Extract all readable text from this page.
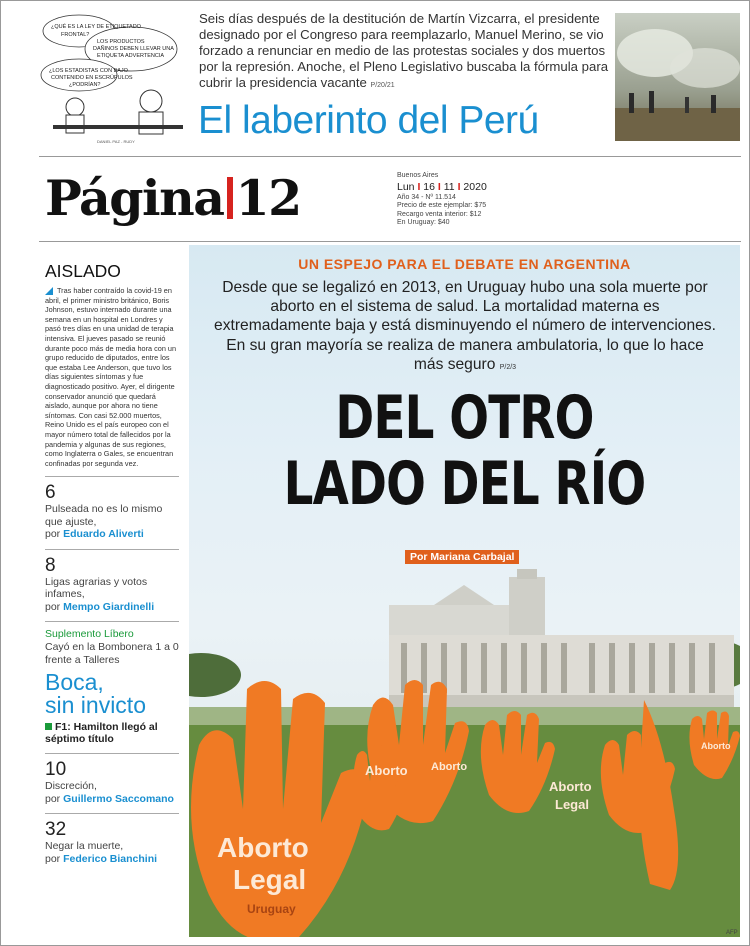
¿QUÉ ES LA LEY DE ETIQUETADO
FRONTAL?
LOS PRODUCTOS
DAÑINOS DEBEN LLEVAR UNA
ETIQUETA ADVERTENCIA
¿LOS ESTADISTAS CON BAJO
CONTENIDO EN ESCRÚPULOS
¿PODRÍAN?
DANIEL PAZ - RUDY
Seis días después de la destitución de Martín Vizcarra, el presidente designado por el Congreso para reemplazarlo, Manuel Merino, se vio forzado a renunciar en medio de las protestas sociales y dos muertos por la represión. Anoche, el Pleno Legislativo buscaba la fórmula para cubrir la presidencia vacante P/20/21
El laberinto del Perú
Página 12	Buenos Aires
Lun I 16 I 11 I 2020
Año 34 - Nº 11.514
Precio de este ejemplar: $75
Recargo venta interior: $12
En Uruguay: $40
AISLADO
Tras haber contraído la covid-19 en abril, el primer ministro británico, Boris Johnson, estuvo internado durante una semana en un hospital en Londres y pasó tres días en una unidad de terapia intensiva. El jueves pasado se reunió durante poco más de media hora con un grupo reducido de diputados, entre los que estaba Lee Anderson, que tuvo los días siguientes síntomas y fue diagnosticado positivo. Ayer, el dirigente conservador anunció que quedará aislado, aunque por ahora no tiene síntomas. Con casi 52.000 muertos, Reino Unido es el país europeo con el mayor número total de fallecidos por la pandemia y algunas de sus regiones, como Inglaterra o Gales, se encuentran confinadas por segunda vez.
6
Pulseada no es lo mismo que ajuste,
por Eduardo Aliverti
8
Ligas agrarias y votos infames,
por Mempo Giardinelli
Suplemento Líbero
Cayó en la Bombonera 1 a 0 frente a Talleres
Boca,
sin invicto
F1: Hamilton llegó al séptimo título
10
Discreción,
por Guillermo Saccomano
32
Negar la muerte,
por Federico Bianchini
UN ESPEJO PARA EL DEBATE EN ARGENTINA
Desde que se legalizó en 2013, en Uruguay hubo una sola muerte por aborto en el sistema de salud. La mortalidad materna es extremadamente baja y está disminuyendo el número de intervenciones. En su gran mayoría se realiza de manera ambulatoria, lo que lo hace más seguro P/2/3
DEL OTRO
LADO DEL RÍO
Por Mariana Carbajal
Aborto
Legal
Uruguay
Aborto Aborto
Aborto
Legal
Aborto
AFP
